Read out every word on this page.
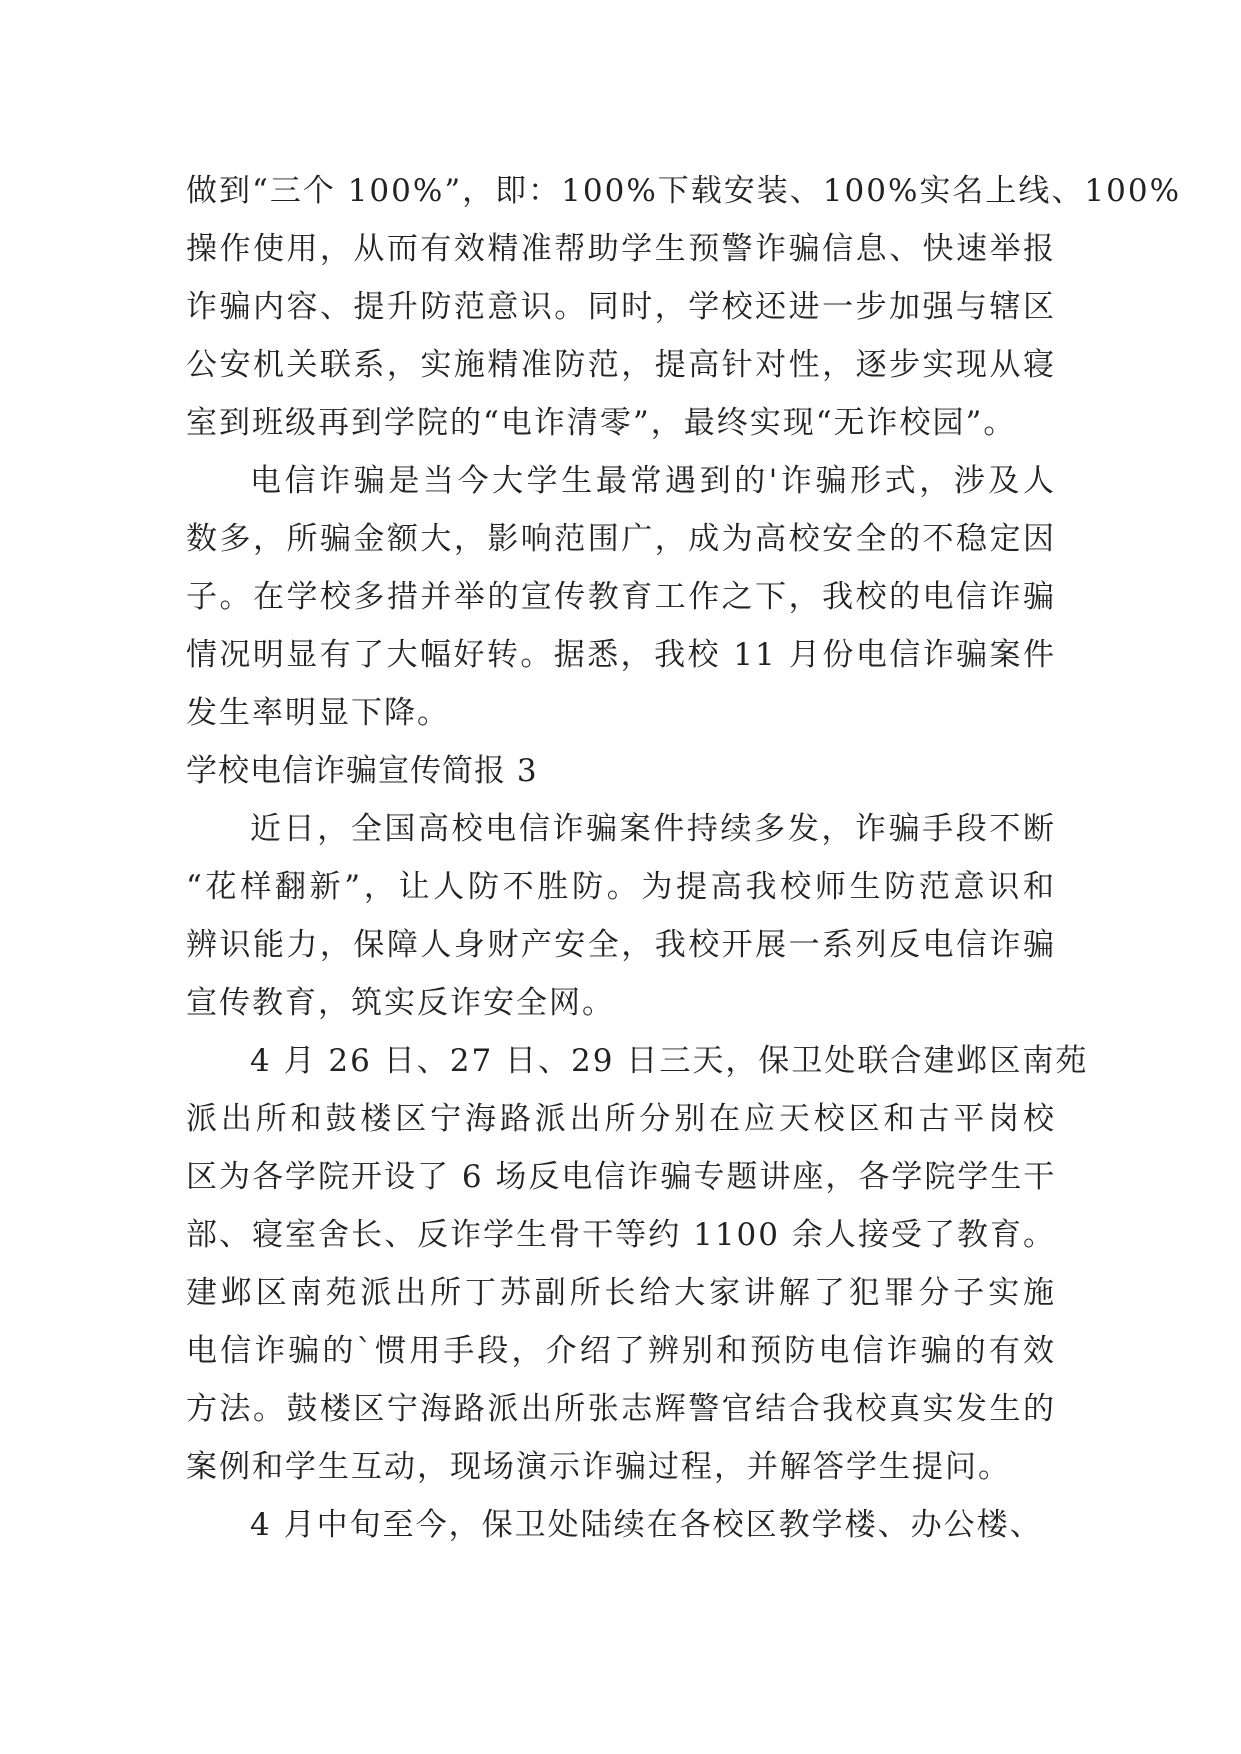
做到“三个 100%”，即：100%下载安装、100%实名上线、100%
操作使用，从而有效精准帮助学生预警诈骗信息、快速举报
诈骗内容、提升防范意识。同时，学校还进一步加强与辖区
公安机关联系，实施精准防范，提高针对性，逐步实现从寝
室到班级再到学院的“电诈清零”，最终实现“无诈校园”。
电信诈骗是当今大学生最常遇到的'诈骗形式，涉及人
数多，所骗金额大，影响范围广，成为高校安全的不稳定因
子。在学校多措并举的宣传教育工作之下，我校的电信诈骗
情况明显有了大幅好转。据悉，我校 11 月份电信诈骗案件
发生率明显下降。
学校电信诈骗宣传简报 3
近日，全国高校电信诈骗案件持续多发，诈骗手段不断
“花样翻新”，让人防不胜防。为提高我校师生防范意识和
辨识能力，保障人身财产安全，我校开展一系列反电信诈骗
宣传教育，筑实反诈安全网。
4 月 26 日、27 日、29 日三天，保卫处联合建邺区南苑
派出所和鼓楼区宁海路派出所分别在应天校区和古平岗校
区为各学院开设了 6 场反电信诈骗专题讲座，各学院学生干
部、寝室舍长、反诈学生骨干等约 1100 余人接受了教育。
建邺区南苑派出所丁苏副所长给大家讲解了犯罪分子实施
电信诈骗的`惯用手段，介绍了辨别和预防电信诈骗的有效
方法。鼓楼区宁海路派出所张志辉警官结合我校真实发生的
案例和学生互动，现场演示诈骗过程，并解答学生提问。
4 月中旬至今，保卫处陆续在各校区教学楼、办公楼、
